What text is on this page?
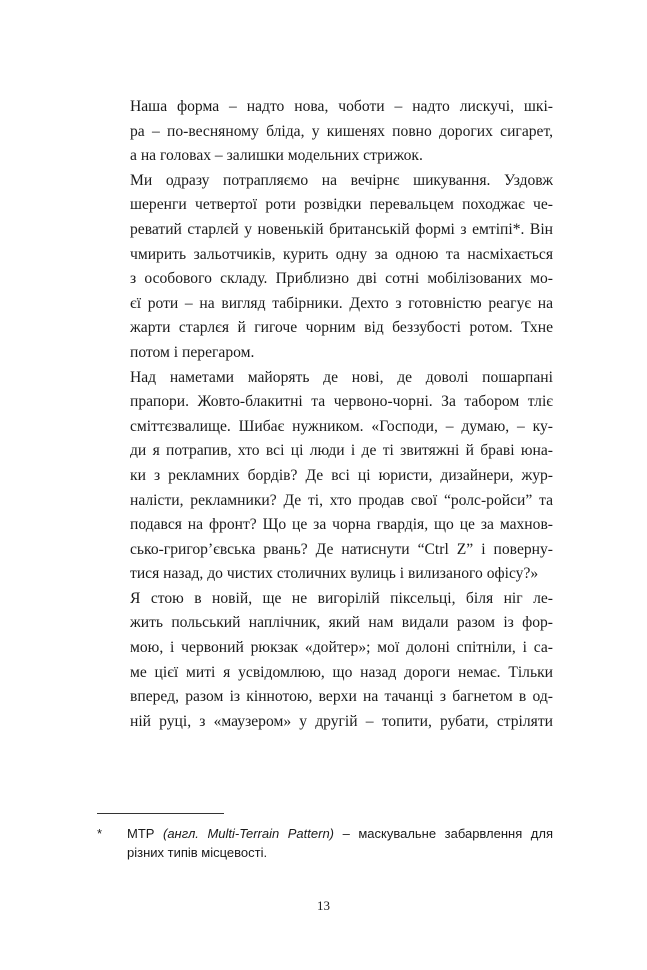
Наша форма – надто нова, чоботи – надто лискучі, шкі-
ра – по-весняному бліда, у кишенях повно дорогих сигарет,
а на головах – залишки модельних стрижок.

Ми одразу потрапляємо на вечірнє шикування. Уздовж
шеренги четвертої роти розвідки перевальцем походжає че-
реватий старлєй у новенькій британській формі з емтіпі*. Він
чмирить зальотчиків, курить одну за одною та насміхається
з особового складу. Приблизно дві сотні мобілізованих мо-
єї роти – на вигляд табірники. Дехто з готовністю реагує на
жарти старлєя й гигоче чорним від беззубості ротом. Тхне
потом і перегаром.

Над наметами майорять де нові, де доволі пошарпані
прапори. Жовто-блакитні та червоно-чорні. За табором тліє
сміттєзвалище. Шибає нужником. «Господи, – думаю, – ку-
ди я потрапив, хто всі ці люди і де ті звитяжні й браві юна-
ки з рекламних бордів? Де всі ці юристи, дизайнери, жур-
налісти, рекламники? Де ті, хто продав свої “ролс-ройси” та
подався на фронт? Що це за чорна гвардія, що це за махнов-
сько-григор’євська рвань? Де натиснути “Ctrl Z” і поверну-
тися назад, до чистих столичних вулиць і вилизаного офісу?»

Я стою в новій, ще не вигорілій піксельці, біля ніг ле-
жить польський наплічник, який нам видали разом із фор-
мою, і червоний рюкзак «дойтер»; мої долоні спітніли, і са-
ме цієї миті я усвідомлюю, що назад дороги немає. Тільки
вперед, разом із кіннотою, верхи на тачанці з багнетом в од-
ній руці, з «маузером» у другій – топити, рубати, стріляти

* МТР (англ. Multi-Terrain Pattern) – маскувальне забарвлення для
різних типів місцевості.
13
